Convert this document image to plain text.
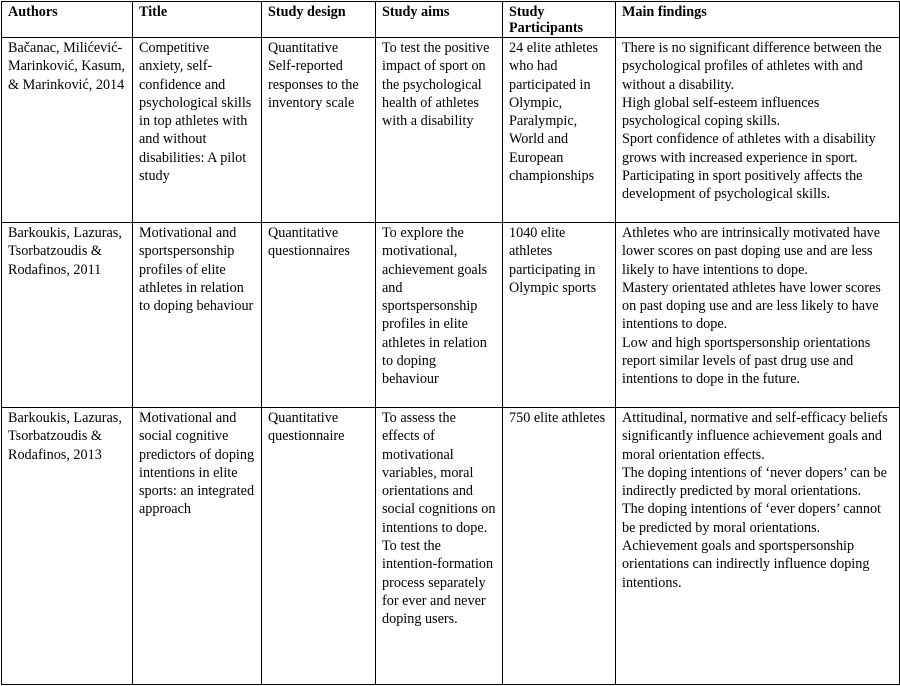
Authors	Title	Study design	Study aims	Study Participants	Main findings
Bačanac, Milićević-Marinković, Kasum, & Marinković, 2014	Competitive anxiety, self-confidence and psychological skills in top athletes with and without disabilities: A pilot study	Quantitative Self-reported responses to the inventory scale	To test the positive impact of sport on the psychological health of athletes with a disability	24 elite athletes who had participated in Olympic, Paralympic, World and European championships	There is no significant difference between the psychological profiles of athletes with and without a disability.
High global self-esteem influences psychological coping skills.
Sport confidence of athletes with a disability grows with increased experience in sport.
Participating in sport positively affects the development of psychological skills.

Barkoukis, Lazuras, Tsorbatzoudis & Rodafinos, 2011	Motivational and sportspersonship profiles of elite athletes in relation to doping behaviour	Quantitative questionnaires	To explore the motivational, achievement goals and sportspersonship profiles in elite athletes in relation to doping behaviour	1040 elite athletes participating in Olympic sports	Athletes who are intrinsically motivated have lower scores on past doping use and are less likely to have intentions to dope.
Mastery orientated athletes have lower scores on past doping use and are less likely to have intentions to dope.
Low and high sportspersonship orientations report similar levels of past drug use and intentions to dope in the future.

Barkoukis, Lazuras, Tsorbatzoudis & Rodafinos, 2013	Motivational and social cognitive predictors of doping intentions in elite sports: an integrated approach	Quantitative questionnaire	To assess the effects of motivational variables, moral orientations and social cognitions on intentions to dope.
To test the intention-formation process separately for ever and never doping users.	750 elite athletes	Attitudinal, normative and self-efficacy beliefs significantly influence achievement goals and moral orientation effects.
The doping intentions of ‘never dopers’ can be indirectly predicted by moral orientations.
The doping intentions of ‘ever dopers’ cannot be predicted by moral orientations.
Achievement goals and sportspersonship orientations can indirectly influence doping intentions.
